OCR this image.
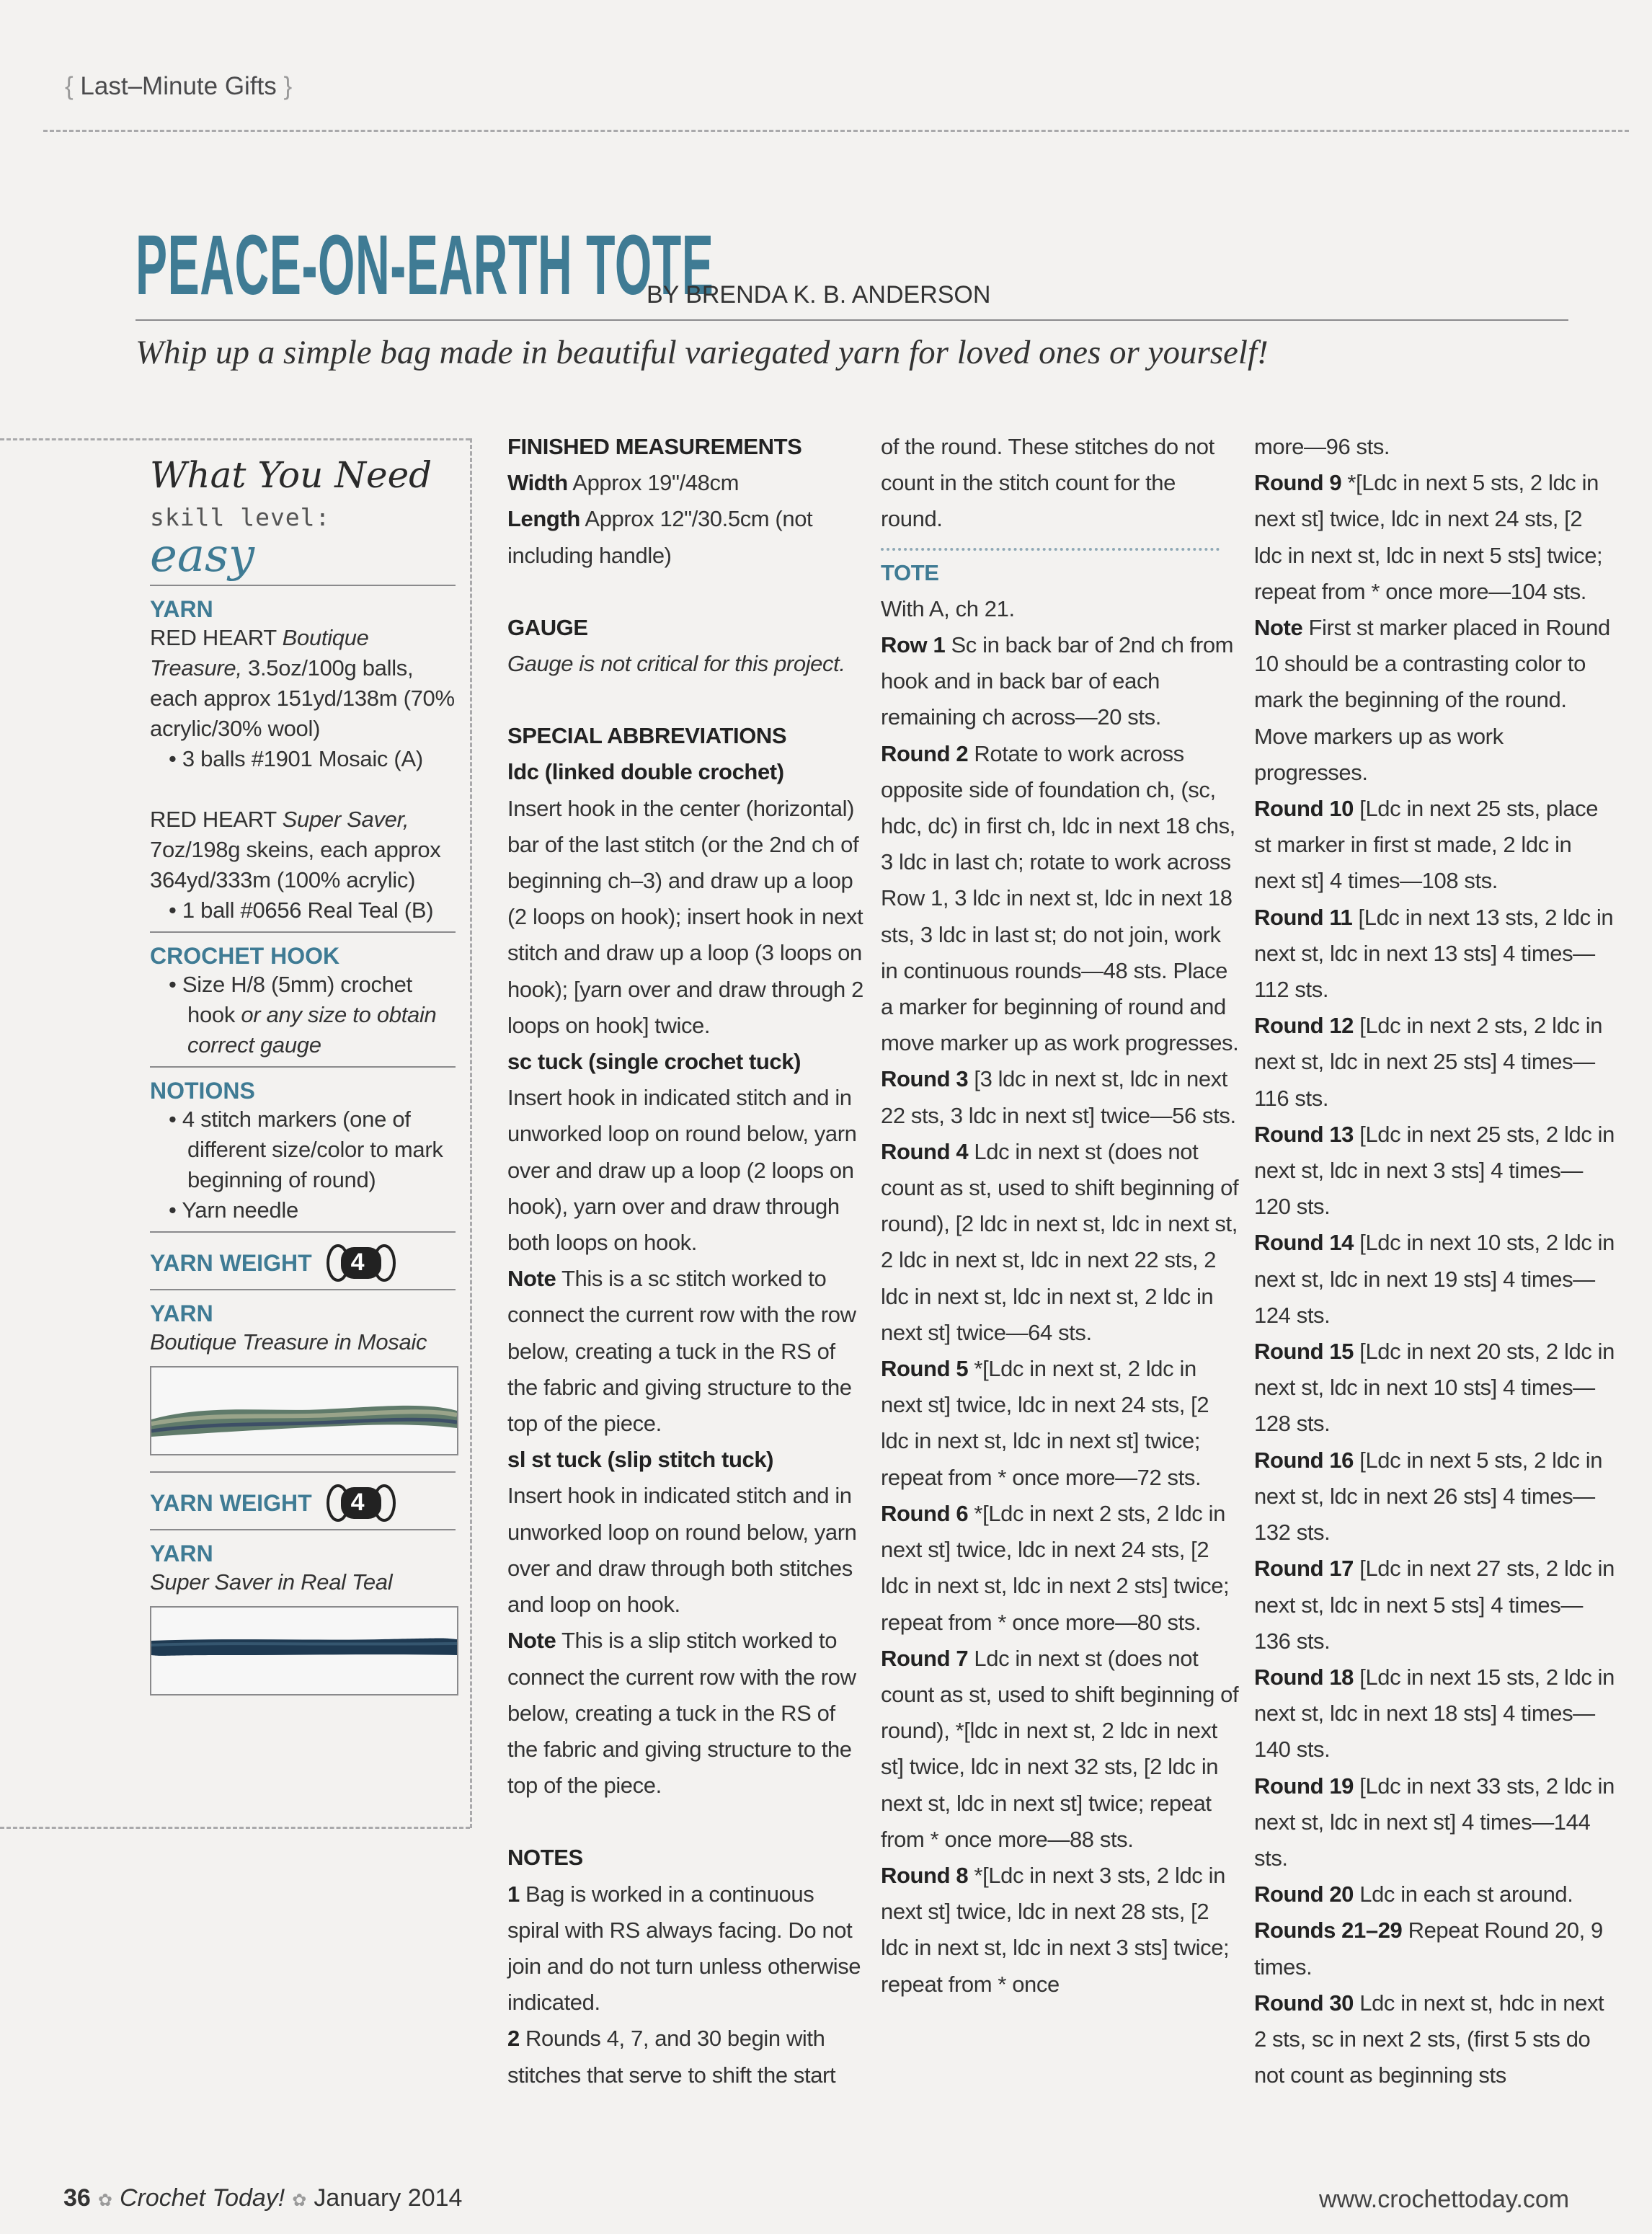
{ Last–Minute Gifts }
PEACE-ON-EARTH TOTE
BY BRENDA K. B. ANDERSON
Whip up a simple bag made in beautiful variegated yarn for loved ones or yourself!
What You Need
skill level:
easy
YARN
RED HEART Boutique Treasure, 3.5oz/100g balls, each approx 151yd/138m (70% acrylic/30% wool)
• 3 balls #1901 Mosaic (A)
RED HEART Super Saver, 7oz/198g skeins, each approx 364yd/333m (100% acrylic)
• 1 ball #0656 Real Teal (B)
CROCHET HOOK
• Size H/8 (5mm) crochet hook or any size to obtain correct gauge
NOTIONS
• 4 stitch markers (one of different size/color to mark beginning of round)
• Yarn needle
YARN WEIGHT 4
YARN
Boutique Treasure in Mosaic
YARN WEIGHT 4
YARN
Super Saver in Real Teal

FINISHED MEASUREMENTS

Width Approx 19"/48cm

Length Approx 12"/30.5cm (not including handle)

GAUGE

Gauge is not critical for this project.

SPECIAL ABBREVIATIONS

ldc (linked double crochet)

Insert hook in the center (horizontal) bar of the last stitch (or the 2nd ch of beginning ch–3) and draw up a loop (2 loops on hook); insert hook in next stitch and draw up a loop (3 loops on hook); [yarn over and draw through 2 loops on hook] twice.

sc tuck (single crochet tuck)

Insert hook in indicated stitch and in unworked loop on round below, yarn over and draw up a loop (2 loops on hook), yarn over and draw through both loops on hook.

Note This is a sc stitch worked to connect the current row with the row below, creating a tuck in the RS of the fabric and giving structure to the top of the piece.

sl st tuck (slip stitch tuck)

Insert hook in indicated stitch and in unworked loop on round below, yarn over and draw through both stitches and loop on hook.

Note This is a slip stitch worked to connect the current row with the row below, creating a tuck in the RS of the fabric and giving structure to the top of the piece.

NOTES

1 Bag is worked in a continuous spiral with RS always facing. Do not join and do not turn unless otherwise indicated.

2 Rounds 4, 7, and 30 begin with stitches that serve to shift the start

of the round. These stitches do not count in the stitch count for the round.

TOTE

With A, ch 21.

Row 1 Sc in back bar of 2nd ch from hook and in back bar of each remaining ch across—20 sts.

Round 2 Rotate to work across opposite side of foundation ch, (sc, hdc, dc) in first ch, ldc in next 18 chs, 3 ldc in last ch; rotate to work across Row 1, 3 ldc in next st, ldc in next 18 sts, 3 ldc in last st; do not join, work in continuous rounds—48 sts. Place a marker for beginning of round and move marker up as work progresses.

Round 3 [3 ldc in next st, ldc in next 22 sts, 3 ldc in next st] twice—56 sts.

Round 4 Ldc in next st (does not count as st, used to shift beginning of round), [2 ldc in next st, ldc in next st, 2 ldc in next st, ldc in next 22 sts, 2 ldc in next st, ldc in next st, 2 ldc in next st] twice—64 sts.

Round 5 *[Ldc in next st, 2 ldc in next st] twice, ldc in next 24 sts, [2 ldc in next st, ldc in next st] twice; repeat from * once more—72 sts.

Round 6 *[Ldc in next 2 sts, 2 ldc in next st] twice, ldc in next 24 sts, [2 ldc in next st, ldc in next 2 sts] twice; repeat from * once more—80 sts.

Round 7 Ldc in next st (does not count as st, used to shift beginning of round), *[ldc in next st, 2 ldc in next st] twice, ldc in next 32 sts, [2 ldc in next st, ldc in next st] twice; repeat from * once more—88 sts.

Round 8 *[Ldc in next 3 sts, 2 ldc in next st] twice, ldc in next 28 sts, [2 ldc in next st, ldc in next 3 sts] twice; repeat from * once

more—96 sts.

Round 9 *[Ldc in next 5 sts, 2 ldc in next st] twice, ldc in next 24 sts, [2 ldc in next st, ldc in next 5 sts] twice; repeat from * once more—104 sts.

Note First st marker placed in Round 10 should be a contrasting color to mark the beginning of the round. Move markers up as work progresses.

Round 10 [Ldc in next 25 sts, place st marker in first st made, 2 ldc in next st] 4 times—108 sts.

Round 11 [Ldc in next 13 sts, 2 ldc in next st, ldc in next 13 sts] 4 times—112 sts.

Round 12 [Ldc in next 2 sts, 2 ldc in next st, ldc in next 25 sts] 4 times—116 sts.

Round 13 [Ldc in next 25 sts, 2 ldc in next st, ldc in next 3 sts] 4 times—120 sts.

Round 14 [Ldc in next 10 sts, 2 ldc in next st, ldc in next 19 sts] 4 times—124 sts.

Round 15 [Ldc in next 20 sts, 2 ldc in next st, ldc in next 10 sts] 4 times—128 sts.

Round 16 [Ldc in next 5 sts, 2 ldc in next st, ldc in next 26 sts] 4 times—132 sts.

Round 17 [Ldc in next 27 sts, 2 ldc in next st, ldc in next 5 sts] 4 times—136 sts.

Round 18 [Ldc in next 15 sts, 2 ldc in next st, ldc in next 18 sts] 4 times—140 sts.

Round 19 [Ldc in next 33 sts, 2 ldc in next st, ldc in next st] 4 times—144 sts.

Round 20 Ldc in each st around.

Rounds 21–29 Repeat Round 20, 9 times.

Round 30 Ldc in next st, hdc in next 2 sts, sc in next 2 sts, (first 5 sts do not count as beginning sts

36 ✿ Crochet Today! ✿ January 2014	www.crochettoday.com
